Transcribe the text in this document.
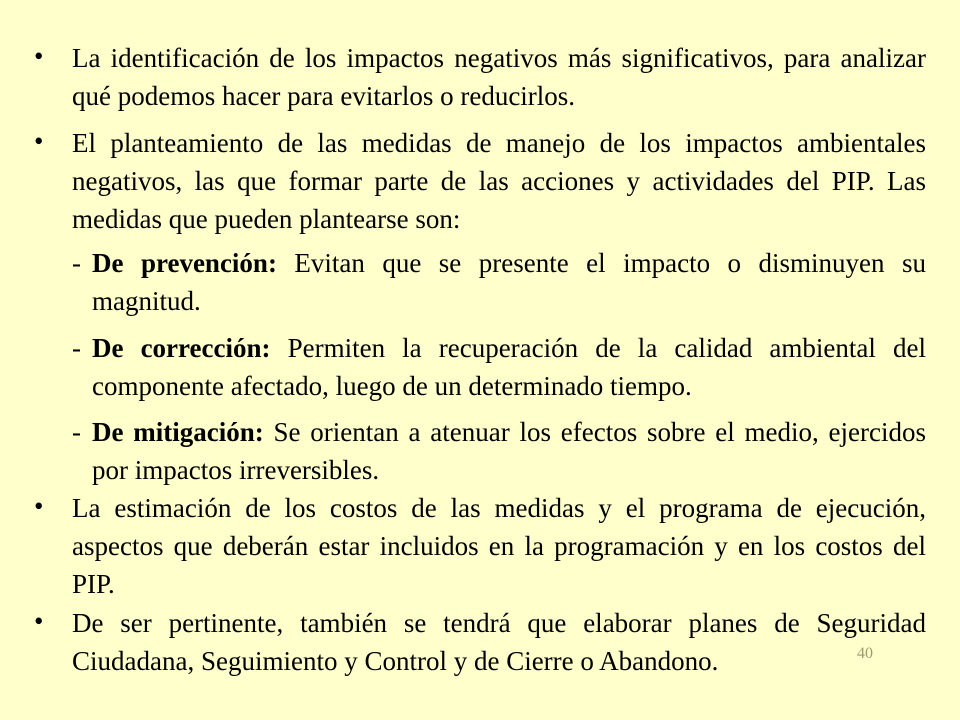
• La identificación de los impactos negativos más significativos, para analizar qué podemos hacer para evitarlos o reducirlos.
• El planteamiento de las medidas de manejo de los impactos ambientales negativos, las que formar parte de las acciones y actividades del PIP. Las medidas que pueden plantearse son:
- De prevención: Evitan que se presente el impacto o disminuyen su magnitud.
- De corrección: Permiten la recuperación de la calidad ambiental del componente afectado, luego de un determinado tiempo.
- De mitigación: Se orientan a atenuar los efectos sobre el medio, ejercidos por impactos irreversibles.
• La estimación de los costos de las medidas y el programa de ejecución, aspectos que deberán estar incluidos en la programación y en los costos del PIP.
• De ser pertinente, también se tendrá que elaborar planes de Seguridad Ciudadana, Seguimiento y Control y de Cierre o Abandono.	40
